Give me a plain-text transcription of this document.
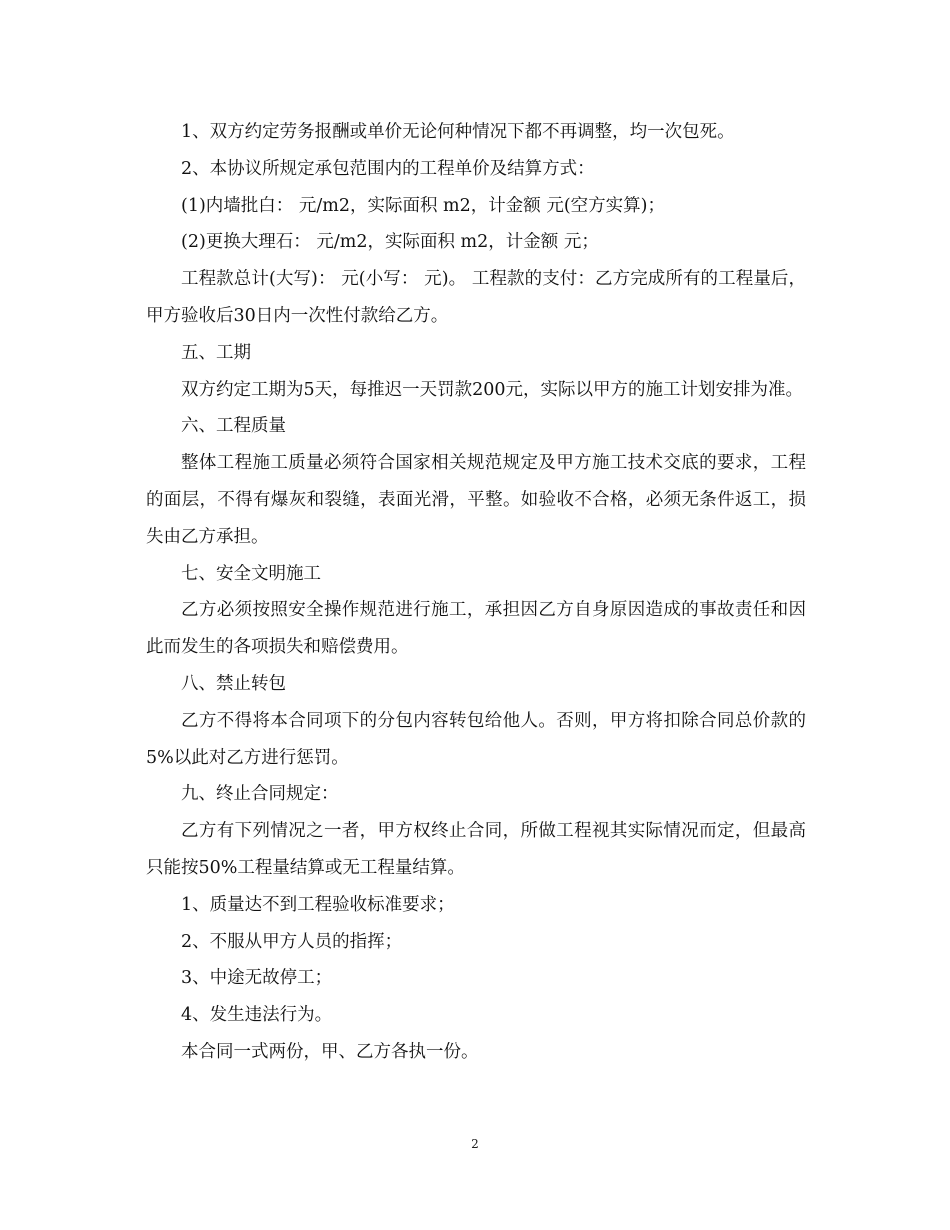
1、双方约定劳务报酬或单价无论何种情况下都不再调整，均一次包死。

2、本协议所规定承包范围内的工程单价及结算方式：

(1)内墙批白： 元/m2，实际面积 m2，计金额 元(空方实算)；

(2)更换大理石： 元/m2，实际面积 m2，计金额 元；

工程款总计(大写)： 元(小写： 元)。 工程款的支付：乙方完成所有的工程量后，甲方验收后30日内一次性付款给乙方。

五、工期

双方约定工期为5天，每推迟一天罚款200元，实际以甲方的施工计划安排为准。

六、工程质量

整体工程施工质量必须符合国家相关规范规定及甲方施工技术交底的要求，工程的面层，不得有爆灰和裂缝，表面光滑，平整。如验收不合格，必须无条件返工，损失由乙方承担。

七、安全文明施工

乙方必须按照安全操作规范进行施工，承担因乙方自身原因造成的事故责任和因此而发生的各项损失和赔偿费用。

八、禁止转包

乙方不得将本合同项下的分包内容转包给他人。否则，甲方将扣除合同总价款的5%以此对乙方进行惩罚。

九、终止合同规定：

乙方有下列情况之一者，甲方权终止合同，所做工程视其实际情况而定，但最高只能按50%工程量结算或无工程量结算。

1、质量达不到工程验收标准要求；

2、不服从甲方人员的指挥；

3、中途无故停工；

4、发生违法行为。

本合同一式两份，甲、乙方各执一份。

2
